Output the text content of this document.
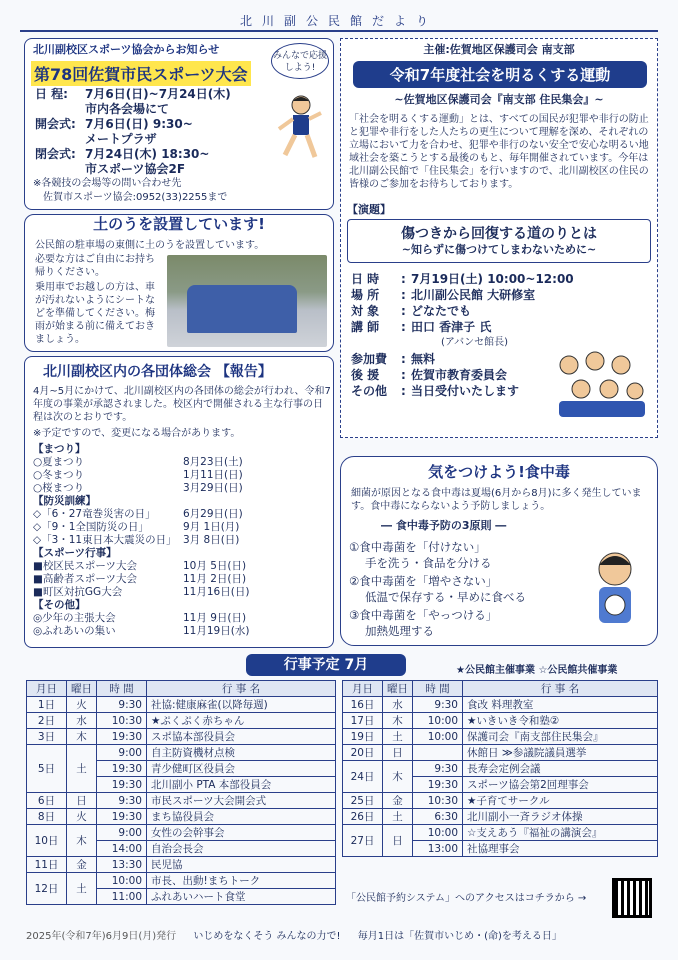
北川副公民館だより
北川副校区スポーツ協会からお知らせ
第78回佐賀市民スポーツ大会
みんなで応援しよう!
日 程:	7月6日(日)~7月24日(木)
市内各会場にて
開会式: 7月6日(日) 9:30~
メートプラザ
閉会式: 7月24日(木) 18:30~
市スポーツ協会2F
※各競技の会場等の問い合わせ先
佐賀市スポーツ協会:0952(33)2255まで
土のうを設置しています!
公民館の駐車場の東側に土のうを設置しています。
必要な方はご自由にお持ち帰りください。
乗用車でお越しの方は、車が汚れないようにシートなどを準備してください。梅雨が始まる前に備えておきましょう。
北川副校区内の各団体総会 【報告】
4月~5月にかけて、北川副校区内の各団体の総会が行われ、令和7年度の事業が承認されました。校区内で開催される主な行事の日程は次のとおりです。
※予定ですので、変更になる場合があります。
【まつり】
○夏まつり	8月23日(土)
○冬まつり	1月11日(日)
○桜まつり	3月29日(日)
【防災訓練】
◇「6・27竜巻災害の日」	6月29日(日)
◇「9・1全国防災の日」	9月 1日(月)
◇「3・11東日本大震災の日」 3月 8日(日)
【スポーツ行事】
■校区民スポーツ大会	10月 5日(日)
■高齢者スポーツ大会	11月 2日(日)
■町区対抗GG大会	11月16日(日)
【その他】
◎少年の主張大会	11月 9日(日)
◎ふれあいの集い	11月19日(水)
主催:佐賀地区保護司会 南支部
令和7年度社会を明るくする運動
~佐賀地区保護司会『南支部 住民集会』~
「社会を明るくする運動」とは、すべての国民が犯罪や非行の防止と犯罪や非行をした人たちの更生について理解を深め、それぞれの立場において力を合わせ、犯罪や非行のない安全で安心な明るい地域社会を築こうとする最後のもと、毎年開催されています。今年は北川副公民館で「住民集会」を行いますので、北川副校区の住民の皆様のご参加をお待ちしております。
【演題】
傷つきから回復する道のりとは
~知らずに傷つけてしまわないために~
日 時	: 7月19日(土) 10:00~12:00
場 所	: 北川副公民館 大研修室
対 象	: どなたでも
講 師	: 田口 香津子 氏
(アバンセ館長)
参加費	: 無料
後 援	: 佐賀市教育委員会
その他	: 当日受付いたします
気をつけよう!食中毒
細菌が原因となる食中毒は夏場(6月から8月)に多く発生しています。食中毒にならないよう予防しましょう。
― 食中毒予防の3原則 ―
①食中毒菌を「付けない」
手を洗う・食品を分ける
②食中毒菌を「増やさない」
低温で保存する・早めに食べる
③食中毒菌を「やっつける」
加熱処理する
行事予定 7月	★公民館主催事業 ☆公民館共催事業
月日	曜日	時 間	行 事 名
1日	火	9:30	社協:健康麻雀(以降毎週)
2日	水	10:30	★ぷくぷく赤ちゃん
3日	木	19:30	スポ協本部役員会
5日	土	9:00	自主防資機材点検
		19:30	青少健町区役員会
		19:30	北川副小 PTA 本部役員会
6日	日	9:30	市民スポーツ大会開会式
8日	火	19:30	まち協役員会
10日	木	9:00	女性の会幹事会
		14:00	自治会長会
11日	金	13:30	民児協
12日	土	10:00	市長、出動!まちトーク
		11:00	ふれあいハート食堂
月日	曜日	時 間	行 事 名
16日	水	9:30	食改 料理教室
17日	木	10:00	★いきいき令和塾②
19日	土	10:00	保護司会『南支部住民集会』
20日	日		休館日 ≫参議院議員選挙
24日	木	9:30	長寿会定例会議
		19:30	スポーツ協会第2回理事会
25日	金	10:30	★子育てサークル
26日	土	6:30	北川副小一斉ラジオ体操
27日	日	10:00	☆支えあう『福祉の講演会』
		13:00	社協理事会
「公民館予約システム」へのアクセスはコチラから →
2025年(令和7年)6月9日(月)発行 いじめをなくそう みんなの力で! 毎月1日は「佐賀市いじめ・(命)を考える日」
